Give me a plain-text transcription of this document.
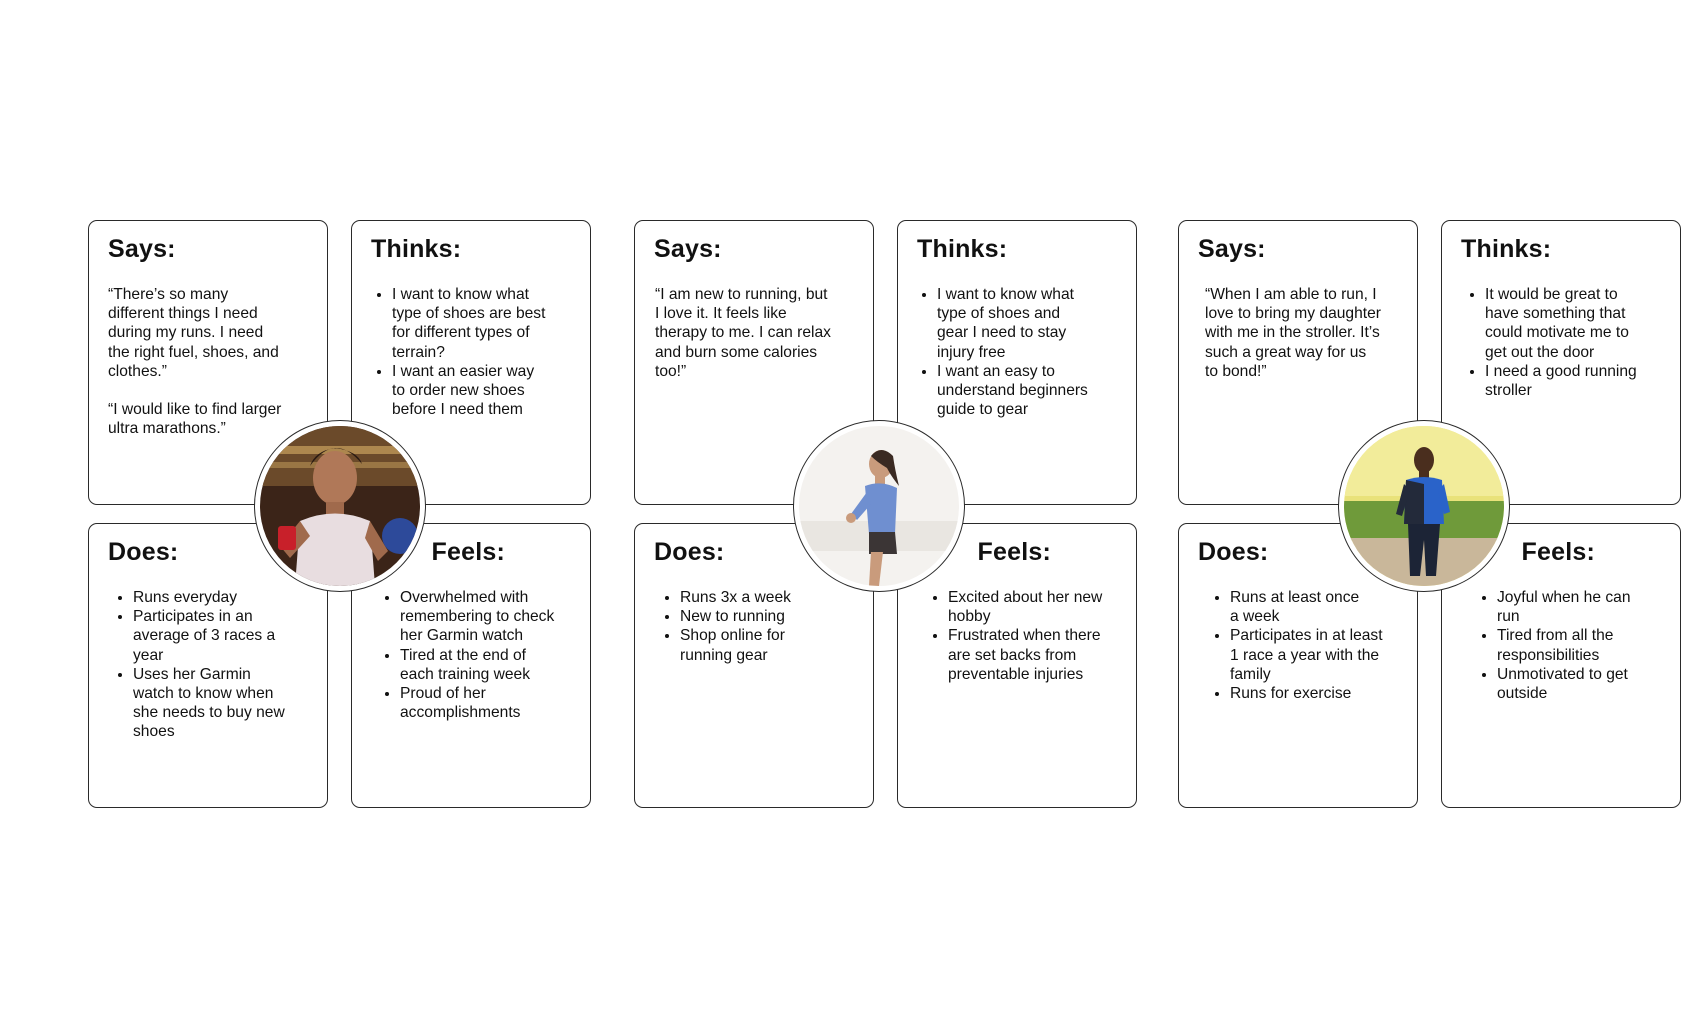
Says:

“There’s so many
different things I need
during my runs. I need
the right fuel, shoes, and
clothes.”

“I would like to find larger
ultra marathons.”

Thinks:
• I want to know what
type of shoes are best
for different types of
terrain?
• I want an easier way
to order new shoes
before I need them
Does:
• Runs everyday
• Participates in an
average of 3 races a
year
• Uses her Garmin
watch to know when
she needs to buy new
shoes
Feels:
• Overwhelmed with
remembering to check
her Garmin watch
• Tired at the end of
each training week
• Proud of her
accomplishments
Says:

“I am new to running, but
I love it. It feels like
therapy to me. I can relax
and burn some calories
too!”

Thinks:
• I want to know what
type of shoes and
gear I need to stay
injury free
• I want an easy to
understand beginners
guide to gear
Does:
• Runs 3x a week
• New to running
• Shop online for
running gear
Feels:
• Excited about her new
hobby
• Frustrated when there
are set backs from
preventable injuries
Says:

“When I am able to run, I
love to bring my daughter
with me in the stroller. It’s
such a great way for us
to bond!”

Thinks:
• It would be great to
have something that
could motivate me to
get out the door
• I need a good running
stroller
Does:
• Runs at least once
a week
• Participates in at least
1 race a year with the
family
• Runs for exercise
Feels:
• Joyful when he can
run
• Tired from all the
responsibilities
• Unmotivated to get
outside
